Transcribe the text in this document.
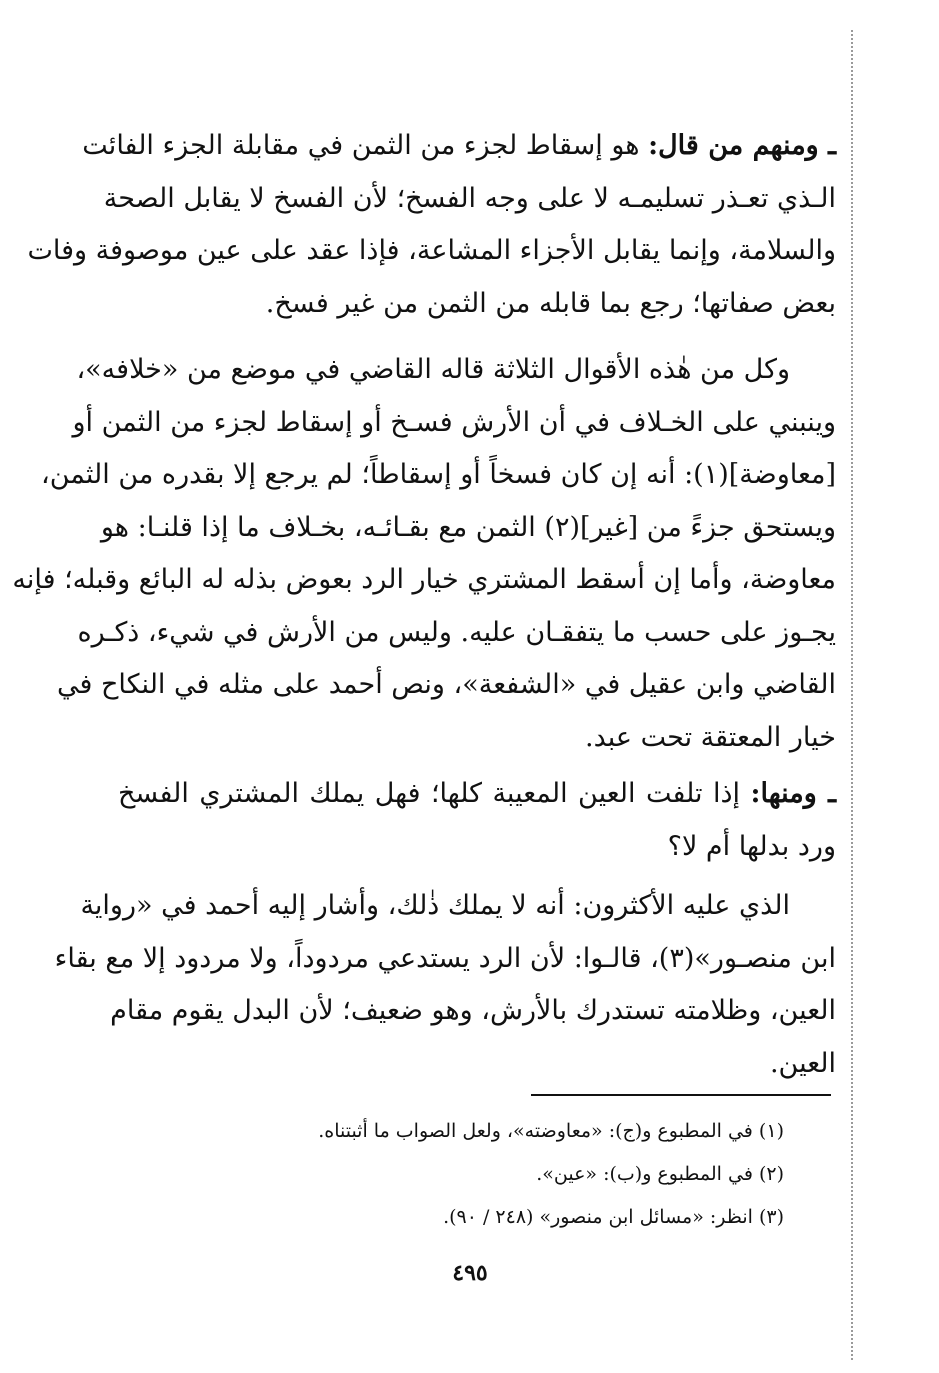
ـ ومنهم من قال: هو إسقاط لجزء من الثمن في مقابلة الجزء الفائت
الـذي تعـذر تسليمـه لا على وجه الفسخ؛ لأن الفسخ لا يقابل الصحة
والسلامة، وإنما يقابل الأجزاء المشاعة، فإذا عقد على عين موصوفة وفات
بعض صفاتها؛ رجع بما قابله من الثمن من غير فسخ.
وكل من هٰذه الأقوال الثلاثة قاله القاضي في موضع من «خلافه»،
وينبني على الخـلاف في أن الأرش فسـخ أو إسقاط لجزء من الثمن أو
[معاوضة](١): أنه إن كان فسخاً أو إسقاطاً؛ لم يرجع إلا بقدره من الثمن،
ويستحق جزءً من [غير](٢) الثمن مع بقـائـه، بخـلاف ما إذا قلنـا: هو
معاوضة، وأما إن أسقط المشتري خيار الرد بعوض بذله له البائع وقبله؛ فإنه
يجـوز على حسب ما يتفقـان عليه. وليس من الأرش في شيء، ذكـره
القاضي وابن عقيل في «الشفعة»، ونص أحمد على مثله في النكاح في
خيار المعتقة تحت عبد.
ـ ومنها: إذا تلفت العين المعيبة كلها؛ فهل يملك المشتري الفسخ
ورد بدلها أم لا؟
الذي عليه الأكثرون: أنه لا يملك ذٰلك، وأشار إليه أحمد في «رواية
ابن منصـور»(٣)، قالـوا: لأن الرد يستدعي مردوداً، ولا مردود إلا مع بقاء
العين، وظلامته تستدرك بالأرش، وهو ضعيف؛ لأن البدل يقوم مقام
العين.
(١) في المطبوع و(ج): «معاوضته»، ولعل الصواب ما أثبتناه.
(٢) في المطبوع و(ب): «عين».
(٣) انظر: «مسائل ابن منصور» (٢٤٨ / ٩٠).
٤٩٥
